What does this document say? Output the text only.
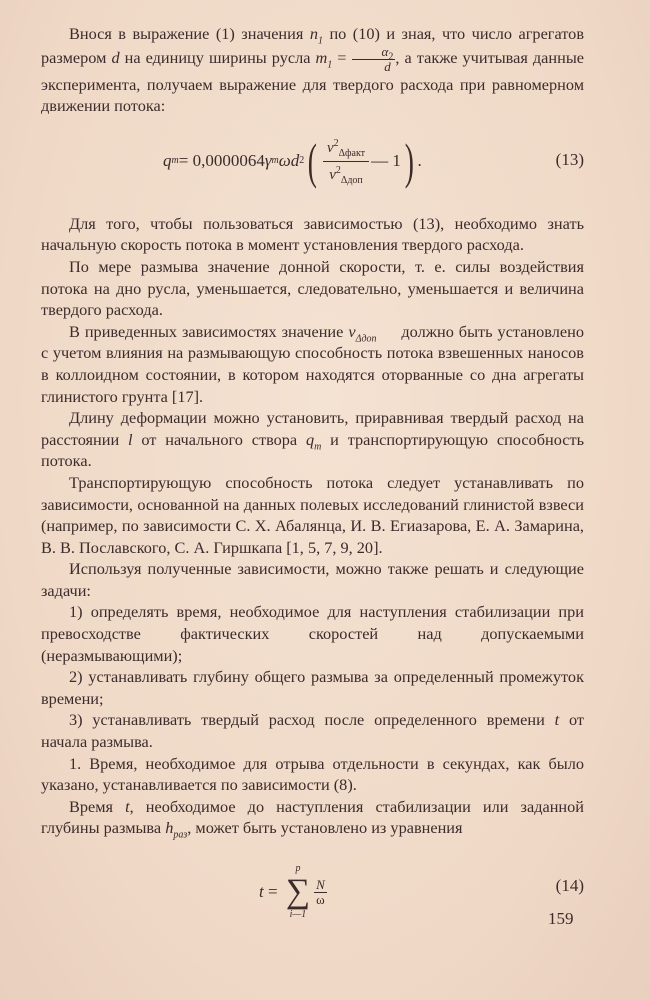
Внося в выражение (1) значения $n_1$ по (10) и зная, что число агрегатов размером d на единицу ширины русла $m_1 = \frac{\alpha_2}{d}$ , а также учитывая данные эксперимента, получаем выражение для твердого расхода при равномерном движении потока:

q т = 0,0000064 γ т ωd 2 ( $v^2_{\Delta факт}$
$v^2_{\Delta доп}$
— 1 ) .	(13)

Для того, чтобы пользоваться зависимостью (13), необходимо знать начальную скорость потока в момент установления твердого расхода.

По мере размыва значение донной скорости, т. е. силы воздействия потока на дно русла, уменьшается, следовательно, уменьшается и величина твердого расхода.

В приведенных зависимостях значение $v_{\Delta доп}$     должно быть установлено с учетом влияния на размывающую способность потока взвешенных наносов в коллоидном состоянии, в котором находятся оторванные со дна агрегаты глинистого грунта [17].

Длину деформации можно установить, приравнивая твердый расход на расстоянии l от начального створа $q_т$ и транспортирующую способность потока.

Транспортирующую способность потока следует устанавливать по зависимости, основанной на данных полевых исследований глинистой взвеси (например, по зависимости С. Х. Абалянца, И. В. Егиазарова, Е. А. Замарина, В. В. Пославского, С. А. Гиршкапа [1, 5, 7, 9, 20].

Используя полученные зависимости, можно также решать и следующие задачи:

1) определять время, необходимое для наступления стабилизации при превосходстве фактических скоростей над допускаемыми (неразмывающими);

2) устанавливать глубину общего размыва за определенный промежуток времени;

3) устанавливать твердый расход после определенного времени t от начала размыва.

1. Время, необходимое для отрыва отдельности в секундах, как было указано, устанавливается по зависимости (8).

Время t, необходимое до наступления стабилизации или заданной глубины размыва $h_{раз}$, может быть установлено из уравнения

t =
p
∑
i—1
$\frac{N}{\omega}$	(14)
159
